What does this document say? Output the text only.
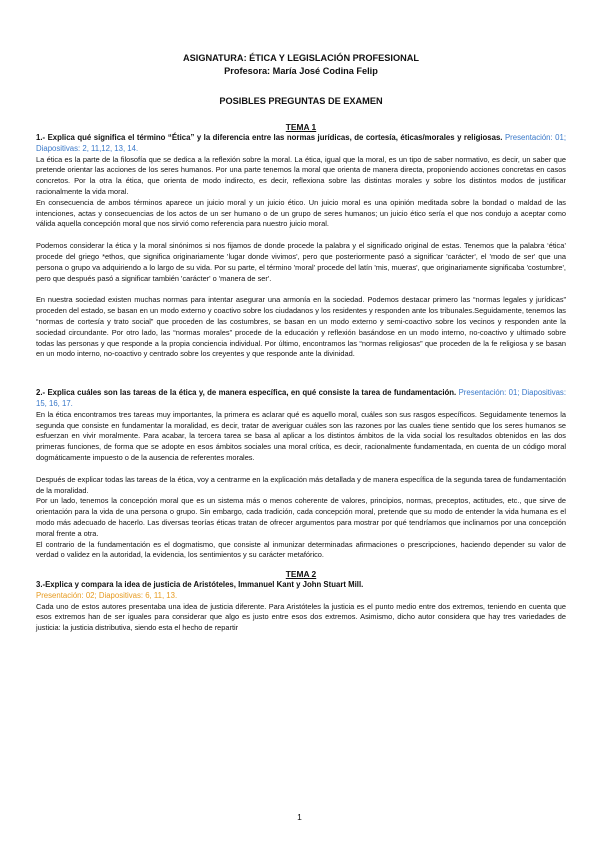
ASIGNATURA: ÉTICA Y LEGISLACIÓN PROFESIONAL
Profesora: María José Codina Felip
POSIBLES PREGUNTAS DE EXAMEN
TEMA 1

1.- Explica qué significa el término “Ética” y la diferencia entre las normas jurídicas, de cortesía, éticas/morales y religiosas. Presentación: 01; Diapositivas: 2, 11,12, 13, 14.

La ética es la parte de la filosofía que se dedica a la reflexión sobre la moral. La ética, igual que la moral, es un tipo de saber normativo, es decir, un saber que pretende orientar las acciones de los seres humanos. Por una parte tenemos la moral que orienta de manera directa, proponiendo acciones concretas en casos concretos. Por la otra la ética, que orienta de modo indirecto, es decir, reflexiona sobre las distintas morales y sobre los distintos modos de justificar racionalmente la vida moral.

En consecuencia de ambos términos aparece un juicio moral y un juicio ético. Un juicio moral es una opinión meditada sobre la bondad o maldad de las intenciones, actas y consecuencias de los actos de un ser humano o de un grupo de seres humanos; un juicio ético sería el que nos condujo a aceptar como válida aquella concepción moral que nos sirvió como referencia para nuestro juicio moral.

Podemos considerar la ética y la moral sinónimos si nos fijamos de donde procede la palabra y el significado original de estas. Tenemos que la palabra ‘ética’ procede del griego *ethos, que significa originariamente 'lugar donde vivimos', pero que posteriormente pasó a significar 'carácter', el 'modo de ser' que una persona o grupo va adquiriendo a lo largo de su vida. Por su parte, el término 'moral' procede del latín 'mis, mueras', que originariamente significaba 'costumbre', pero que después pasó a significar también 'carácter' o 'manera de ser'.

En nuestra sociedad existen muchas normas para intentar asegurar una armonía en la sociedad. Podemos destacar primero las “normas legales y jurídicas” proceden del estado, se basan en un modo externo y coactivo sobre los ciudadanos y los residentes y responden ante los tribunales.Seguidamente, tenemos las “normas de cortesía y trato social” que proceden de las costumbres, se basan en un modo externo y semi-coactivo sobre los vecinos y responden ante la sociedad circundante. Por otro lado, las “normas morales” procede de la educación y reflexión basándose en un modo interno, no-coactivo y ultimado sobre todas las personas y que responde a la propia conciencia individual. Por último, encontramos las “normas religiosas” que proceden de la fe religiosa y se basan en un modo interno, no-coactivo y centrado sobre los creyentes y que responde ante la divinidad.

2.- Explica cuáles son las tareas de la ética y, de manera específica, en qué consiste la tarea de fundamentación. Presentación: 01; Diapositivas: 15, 16, 17.

En la ética encontramos tres tareas muy importantes, la primera es aclarar qué es aquello moral, cuáles son sus rasgos específicos. Seguidamente tenemos la segunda que consiste en fundamentar la moralidad, es decir, tratar de averiguar cuáles son las razones por las cuales tiene sentido que los seres humanos se esfuerzan en vivir moralmente. Para acabar, la tercera tarea se basa al aplicar a los distintos ámbitos de la vida social los resultados obtenidos en las dos primeras funciones, de forma que se adopte en esos ámbitos sociales una moral crítica, es decir, racionalmente fundamentada, en cuenta de un código moral dogmáticamente impuesto o de la ausencia de referentes morales.

Después de explicar todas las tareas de la ética, voy a centrarme en la explicación más detallada y de manera específica de la segunda tarea de fundamentación de la moralidad.

Por un lado, tenemos la concepción moral que es un sistema más o menos coherente de valores, principios, normas, preceptos, actitudes, etc., que sirve de orientación para la vida de una persona o grupo. Sin embargo, cada tradición, cada concepción moral, pretende que su modo de entender la vida humana es el modo más adecuado de hacerlo. Las diversas teorías éticas tratan de ofrecer argumentos para mostrar por qué tendríamos que inclinarnos por una concepción moral frente a otra.

El contrario de la fundamentación es el dogmatismo, que consiste al inmunizar determinadas afirmaciones o prescripciones, haciendo depender su valor de verdad o validez en la autoridad, la evidencia, los sentimientos y su carácter metafórico.

TEMA 2

3.-Explica y compara la idea de justicia de Aristóteles, Immanuel Kant y John Stuart Mill.

Presentación: 02; Diapositivas: 6, 11, 13.

Cada uno de estos autores presentaba una idea de justicia diferente. Para Aristóteles la justicia es el punto medio entre dos extremos, teniendo en cuenta que esos extremos han de ser iguales para considerar que algo es justo entre esos dos extremos. Asimismo, dicho autor considera que hay tres variedades de justicia: la justicia distributiva, siendo esta el hecho de repartir

1
